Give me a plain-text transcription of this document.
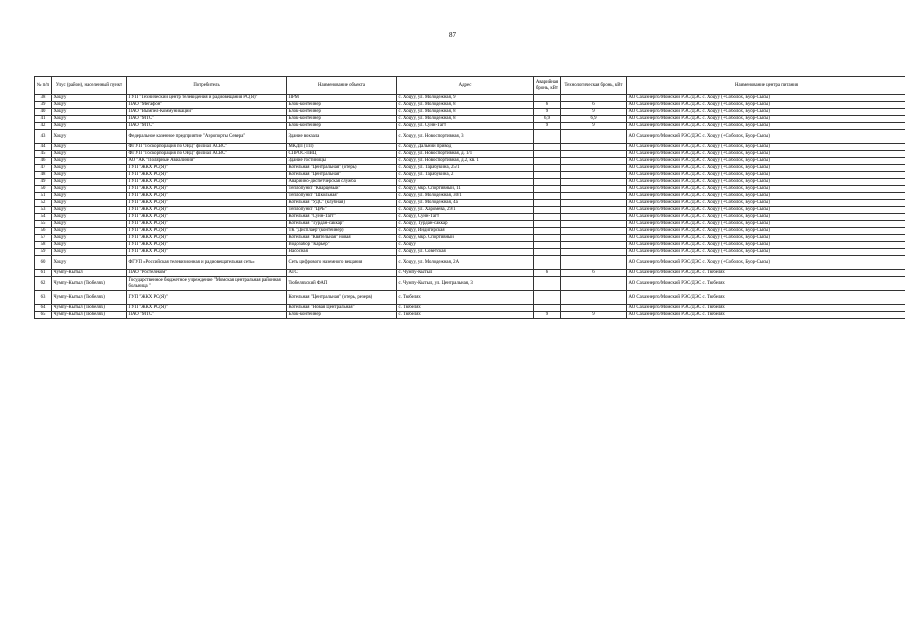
87
№ п/п	Улус (район), населенный пункт	Потребитель	Наименование объекта	Адрес	Аварийная бронь, кВт	Технологическая бронь, кВт	Наименование центра питания
38	Хоцуу	ГУП "Технический центр телевидения и радиовещания РС(Я)"	ПРМ	с. Хоцуу, ул. Молодежная, 9			АО Сахаэнерго/Момский РЭС/ДЭС с. Хоцуу (+Соболох, Буор-Сысы)
39	Хоцуу	ПАО "Мегафон"	Блок-контейнер	с. Хоцуу, ул. Молодежная, 8	6	6	АО Сахаэнерго/Момский РЭС/ДЭС с. Хоцуу (+Соболох, Буор-Сысы)
40	Хоцуу	ПАО "Вымпел-Коммуникации"	Блок-контейнер	с. Хоцуу, ул. Молодежная, 8	9	9	АО Сахаэнерго/Момский РЭС/ДЭС с. Хоцуу (+Соболох, Буор-Сысы)
41	Хоцуу	ПАО "МТС"	Блок-контейнер	с. Хоцуу, ул. Молодежная, 8	6,9	6,9	АО Сахаэнерго/Момский РЭС/ДЭС с. Хоцуу (+Соболох, Буор-Сысы)
42	Хоцуу	ПАО "МТС"	Блок-контейнер	с. Хоцуу, ул. Сунн-Тагт	9	9	АО Сахаэнерго/Момский РЭС/ДЭС с. Хоцуу (+Соболох, Буор-Сысы)
43	Хоцуу	Федеральное казенное предприятие "Аэропорты Севера"	Здание вокзала	с. Хоцуу, ул. Новоспортивная, 3			АО Сахаэнерго/Момский РЭС/ДЭС с. Хоцуу (+Соболох, Буор-Сысы)
44	Хоцуу	ФГУП "Госкорпорация по ОВД" филиал АСВС"	МКДП (ТП)	с. Хоцуу, Дальний привод			АО Сахаэнерго/Момский РЭС/ДЭС с. Хоцуу (+Соболох, Буор-Сысы)
45	Хоцуу	ФГУП "Госкорпорация по ОВД" филиал АСВС"	СПРОС-ПВЦ	с. Хоцуу, ул. Новоспортивная, д. 1/1			АО Сахаэнерго/Момский РЭС/ДЭС с. Хоцуу (+Соболох, Буор-Сысы)
46	Хоцуу	АО "АК "Полярные Авиалинии"	Здание гостиницы	с. Хоцуу, ул. Новоспортивная, д.2, кв. 1			АО Сахаэнерго/Момский РЭС/ДЭС с. Хоцуу (+Соболох, Буор-Сысы)
47	Хоцуу	ГУП "ЖКХ РС(Я)"	Котельная "Центральная" (отерь)	с. Хоцуу, ул. Тарабукина, 25/1			АО Сахаэнерго/Момский РЭС/ДЭС с. Хоцуу (+Соболох, Буор-Сысы)
48	Хоцуу	ГУП "ЖКХ РС(Я)"	Котельная "Центральная"	с. Хоцуу, ул. Тарабукина, 2			АО Сахаэнерго/Момский РЭС/ДЭС с. Хоцуу (+Соболох, Буор-Сысы)
49	Хоцуу	ГУП "ЖКХ РС(Я)"	Аварийно-диспетчерская служба	с. Хоцуу			АО Сахаэнерго/Момский РЭС/ДЭС с. Хоцуу (+Соболох, Буор-Сысы)
50	Хоцуу	ГУП "ЖКХ РС(Я)"	Теплопункт "Кварцевый"	с. Хоцуу, мкр. Спортивный, 11			АО Сахаэнерго/Момский РЭС/ДЭС с. Хоцуу (+Соболох, Буор-Сысы)
51	Хоцуу	ГУП "ЖКХ РС(Я)"	Теплопункт "Школьная"	с. Хоцуу, ул. Молодежная, 30/1			АО Сахаэнерго/Момский РЭС/ДЭС с. Хоцуу (+Соболох, Буор-Сысы)
52	Хоцуу	ГУП "ЖКХ РС(Я)"	Котельная "УДС" (клубная)	с. Хоцуу, ул. Молодежная, 4а			АО Сахаэнерго/Момский РЭС/ДЭС с. Хоцуу (+Соболох, Буор-Сысы)
53	Хоцуу	ГУП "ЖКХ РС(Я)"	Теплопункт "ЦРБ"	с. Хоцуу, ул. Харомева, 29/1			АО Сахаэнерго/Момский РЭС/ДЭС с. Хоцуу (+Соболох, Буор-Сысы)
54	Хоцуу	ГУП "ЖКХ РС(Я)"	Котельная "Сунн-Тагт"	с. Хоцуу, Сунн-Тагт			АО Сахаэнерго/Момский РЭС/ДЭС с. Хоцуу (+Соболох, Буор-Сысы)
55	Хоцуу	ГУП "ЖКХ РС(Я)"	Котельная "Турдан-саккар"	с. Хоцуу, Турдан-саккар			АО Сахаэнерго/Момский РЭС/ДЭС с. Хоцуу (+Соболох, Буор-Сысы)
56	Хоцуу	ГУП "ЖКХ РС(Я)"	ТК "Дисплаер"(контейнер)	с. Хоцуу, Индигирская			АО Сахаэнерго/Момский РЭС/ДЭС с. Хоцуу (+Соболох, Буор-Сысы)
57	Хоцуу	ГУП "ЖКХ РС(Я)"	Котельная "Квятельная" новая	с. Хоцуу, мкр. Спортивный			АО Сахаэнерго/Момский РЭС/ДЭС с. Хоцуу (+Соболох, Буор-Сысы)
58	Хоцуу	ГУП "ЖКХ РС(Я)"	Водозабор "Карьер"	с. Хоцуу			АО Сахаэнерго/Момский РЭС/ДЭС с. Хоцуу (+Соболох, Буор-Сысы)
59	Хоцуу	ГУП "ЖКХ РС(Я)"	Насосная	с. Хоцуу, ул. Советская			АО Сахаэнерго/Момский РЭС/ДЭС с. Хоцуу (+Соболох, Буор-Сысы)
60	Хоцуу	ФГУП «Российская телевизионная и радиовещательная сеть»	Сеть цифрового наземного вещания	с. Хоцуу, ул. Молодежная, 2А			АО Сахаэнерго/Момский РЭС/ДЭС с. Хоцуу (+Соболох, Буор-Сысы)
61	Чумпу-Кытыл	ПАО "Ростелеком"	АТС	с. Чумпу-Кытыл	6	6	АО Сахаэнерго/Момский РЭС/ДЭС с. Тюбелях
62	Чумпу-Кытыл (Тюбелях)	Государственное бюджетное учреждение "Момская центральная районная больница "	Тюбеляхский ФАП	с. Чумпу-Кытыл, ул. Центральная, 3			АО Сахаэнерго/Момский РЭС/ДЭС с. Тюбелях
63	Чумпу-Кытыл (Тюбелях)	ГУП "ЖКХ РС(Я)"	Котельная "Центральная" (отерь, резерв)	с. Тюбелях			АО Сахаэнерго/Момский РЭС/ДЭС с. Тюбелях
64	Чумпу-Кытыл (Тюбелях)	ГУП "ЖКХ РС(Я)"	Котельная "Новая Центральная"	с. Тюбелях			АО Сахаэнерго/Момский РЭС/ДЭС с. Тюбелях
65	Чумпу-Кытыл (Тюбелях)	ПАО "МТС"	Блок-контейнер	с. Тюбелях	9	9	АО Сахаэнерго/Момский РЭС/ДЭС с. Тюбелях
